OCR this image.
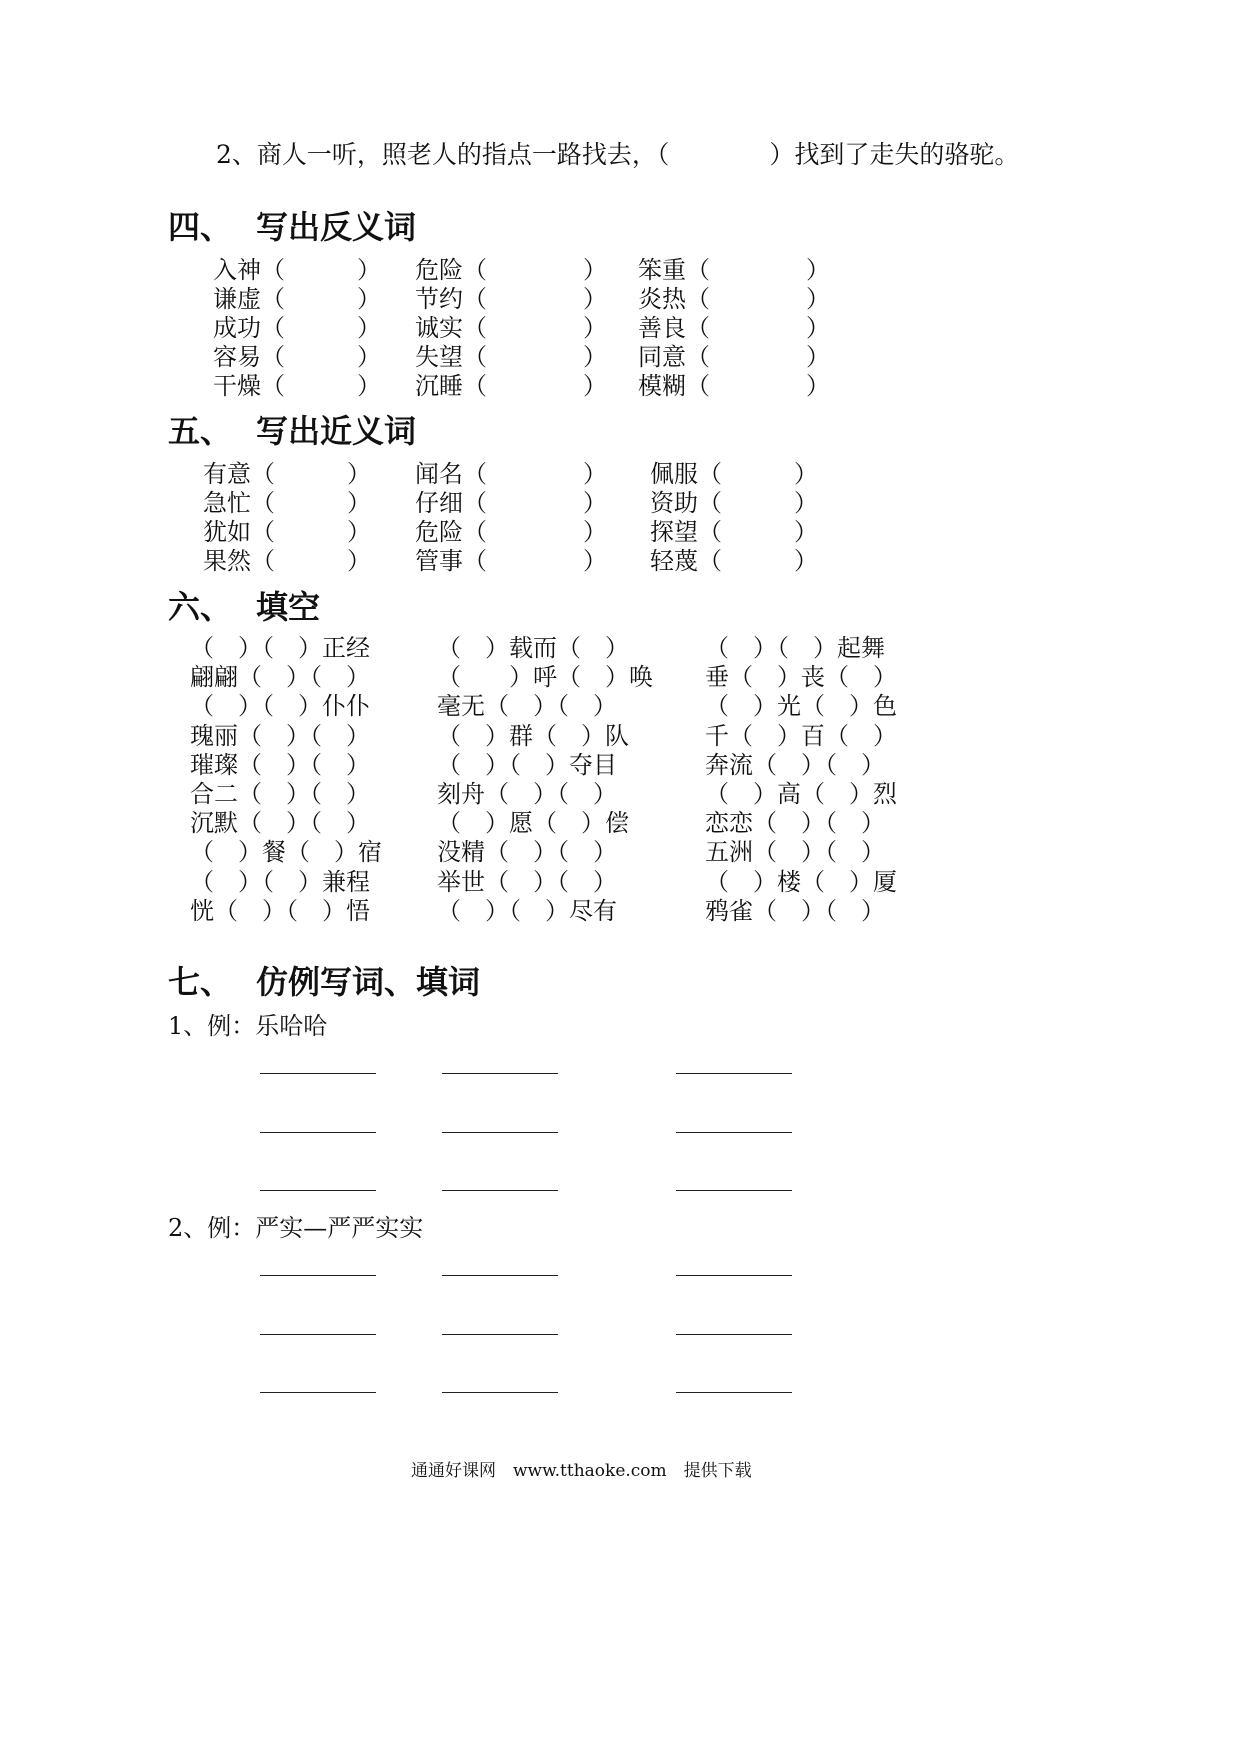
2、商人一听，照老人的指点一路找去，（　　　　）找到了走失的骆驼。
四、 写出反义词
入神（　　　） 危险（　　　　） 笨重（　　　　）
谦虚（　　　） 节约（　　　　） 炎热（　　　　）
成功（　　　） 诚实（　　　　） 善良（　　　　）
容易（　　　） 失望（　　　　） 同意（　　　　）
干燥（　　　） 沉睡（　　　　） 模糊（　　　　）
五、 写出近义词
有意（　　　） 闻名（　　　　） 佩服（　　　）
急忙（　　　） 仔细（　　　　） 资助（　　　）
犹如（　　　） 危险（　　　　） 探望（　　　）
果然（　　　） 管事（　　　　） 轻蔑（　　　）
六、 填空
（　）（　）正经	（　）载而（　）	（　）（　）起舞
翩翩（　）（　）	（　　）呼（　）唤 垂（　）丧（　）
（　）（　）仆仆	毫无（　）（　）	（　）光（　）色
瑰丽（　）（　）	（　）群（　）队	千（　）百（　）
璀璨（　）（　）	（　）（　）夺目	奔流（　）（　）
合二（　）（　）	刻舟（　）（　）	（　）高（　）烈
沉默（　）（　）	（　）愿（　）偿	恋恋（　）（　）
（　）餐（　）宿 没精（　）（　）	五洲（　）（　）
（　）（　）兼程	举世（　）（　）	（　）楼（　）厦
恍（　）（　）悟	（　）（　）尽有	鸦雀（　）（　）
七、 仿例写词、填词
1、例：乐哈哈
2、例：严实—严严实实
通通好课网　www.tthaoke.com　提供下载
